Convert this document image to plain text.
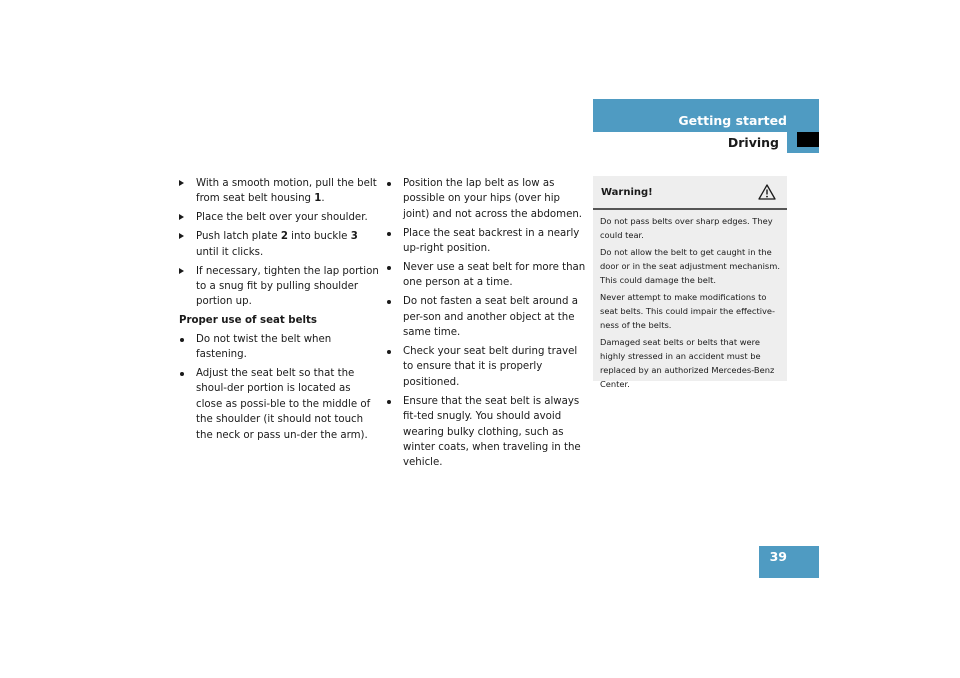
Getting started
Driving
With a smooth motion, pull the belt from seat belt housing 1.
Place the belt over your shoulder.
Push latch plate 2 into buckle 3 until it clicks.
If necessary, tighten the lap portion to a snug fit by pulling shoulder portion up.
Proper use of seat belts
Do not twist the belt when fastening.
Adjust the seat belt so that the shoul-der portion is located as close as possi-ble to the middle of the shoulder (it should not touch the neck or pass un-der the arm).
Position the lap belt as low as possible on your hips (over hip joint) and not across the abdomen.
Place the seat backrest in a nearly up-right position.
Never use a seat belt for more than one person at a time.
Do not fasten a seat belt around a per-son and another object at the same time.
Check your seat belt during travel to ensure that it is properly positioned.
Ensure that the seat belt is always fit-ted snugly. You should avoid wearing bulky clothing, such as winter coats, when traveling in the vehicle.
Warning!

Do not pass belts over sharp edges. They could tear.

Do not allow the belt to get caught in the door or in the seat adjustment mechanism. This could damage the belt.

Never attempt to make modifications to seat belts. This could impair the effective-ness of the belts.

Damaged seat belts or belts that were highly stressed in an accident must be replaced by an authorized Mercedes-Benz Center.

39
